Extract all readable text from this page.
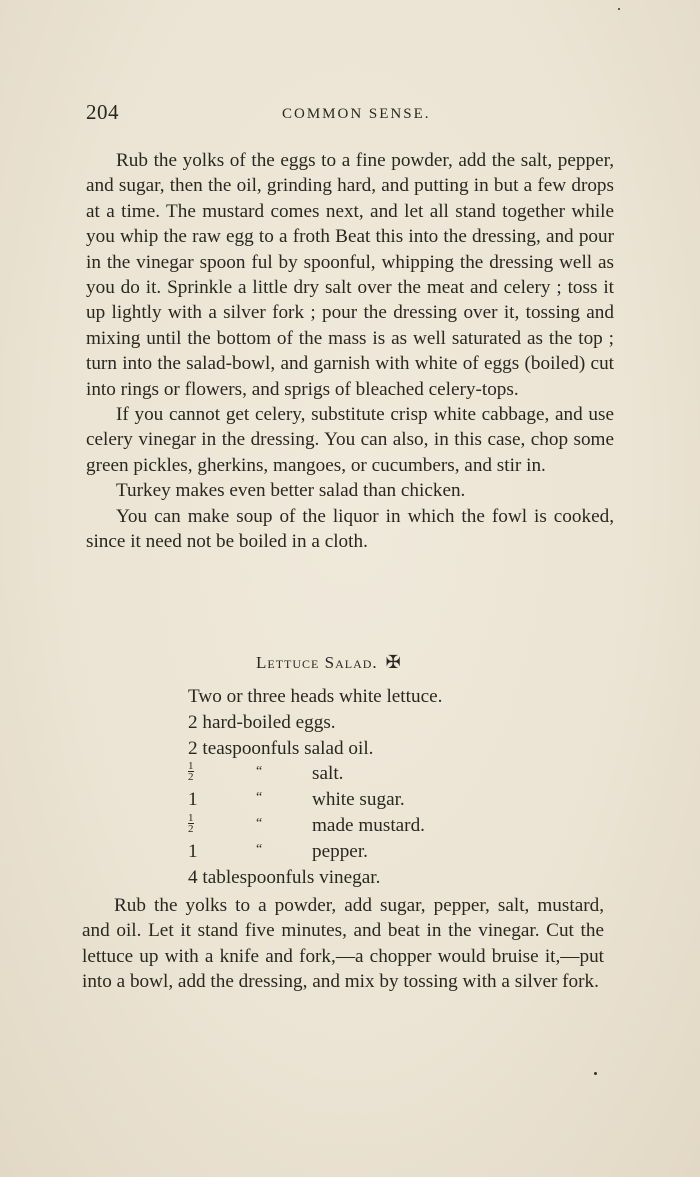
204	COMMON SENSE.

Rub the yolks of the eggs to a fine powder, add the salt, pepper, and sugar, then the oil, grinding hard, and putting in but a few drops at a time. The mustard comes next, and let all stand together while you whip the raw egg to a froth Beat this into the dressing, and pour in the vinegar spoon ful by spoonful, whipping the dressing well as you do it. Sprinkle a little dry salt over the meat and celery ; toss it up lightly with a silver fork ; pour the dressing over it, tossing and mixing until the bottom of the mass is as well saturated as the top ; turn into the salad-bowl, and garnish with white of eggs (boiled) cut into rings or flowers, and sprigs of bleached celery-tops.

If you cannot get celery, substitute crisp white cabbage, and use celery vinegar in the dressing. You can also, in this case, chop some green pickles, gherkins, mangoes, or cucumbers, and stir in.

Turkey makes even better salad than chicken.

You can make soup of the liquor in which the fowl is cooked, since it need not be boiled in a cloth.

Lettuce Salad. ✠
Two or three heads white lettuce.
2 hard-boiled eggs.
2 teaspoonfuls salad oil.
$\frac{1}{2}$	“	salt.
1	“	white sugar.
$\frac{1}{2}$	“	made mustard.
1	“	pepper.
4 tablespoonfuls vinegar.

Rub the yolks to a powder, add sugar, pepper, salt, mustard, and oil. Let it stand five minutes, and beat in the vinegar. Cut the lettuce up with a knife and fork,—a chopper would bruise it,—put into a bowl, add the dressing, and mix by tossing with a silver fork.
